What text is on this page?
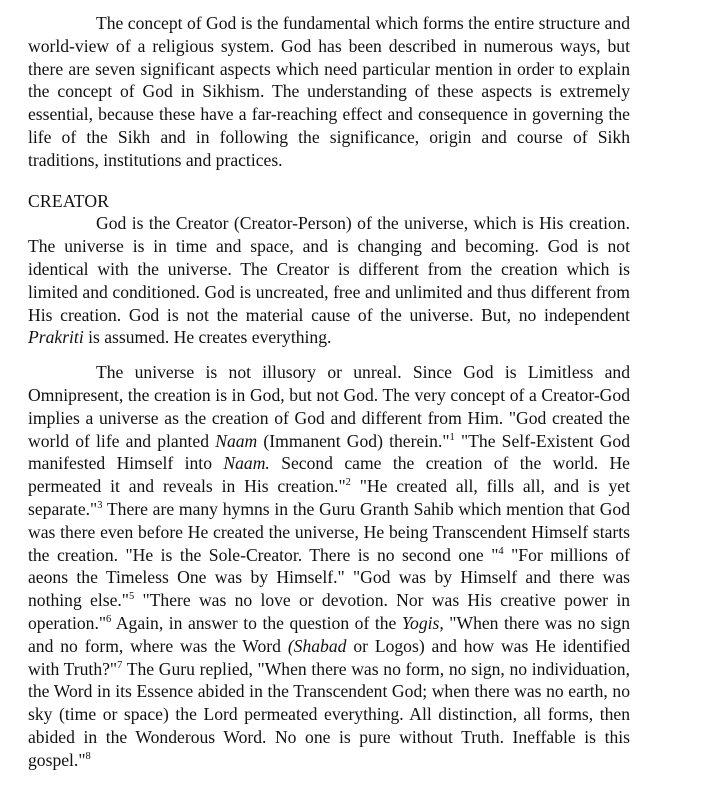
The concept of God is the fundamental which forms the entire structure and world-view of a religious system. God has been described in numerous ways, but there are seven significant aspects which need particular mention in order to explain the concept of God in Sikhism. The understanding of these aspects is extremely essential, because these have a far-reaching effect and consequence in governing the life of the Sikh and in following the significance, origin and course of Sikh traditions, institutions and practices.

CREATOR

God is the Creator (Creator-Person) of the universe, which is His creation. The universe is in time and space, and is changing and becoming. God is not identical with the universe. The Creator is different from the creation which is limited and conditioned. God is uncreated, free and unlimited and thus different from His creation. God is not the material cause of the universe. But, no independent Prakriti is assumed. He creates everything.

The universe is not illusory or unreal. Since God is Limitless and Omnipresent, the creation is in God, but not God. The very concept of a Creator-God implies a universe as the creation of God and different from Him. "God created the world of life and planted Naam (Immanent God) therein."$^1$ "The Self-Existent God manifested Himself into Naam. Second came the creation of the world. He permeated it and reveals in His creation."$^2$ "He created all, fills all, and is yet separate."$^3$ There are many hymns in the Guru Granth Sahib which mention that God was there even before He created the universe, He being Transcendent Himself starts the creation. "He is the Sole-Creator. There is no second one "$^4$ "For millions of aeons the Timeless One was by Himself." "God was by Himself and there was nothing else."$^5$ "There was no love or devotion. Nor was His creative power in operation."$^6$ Again, in answer to the question of the Yogis, "When there was no sign and no form, where was the Word (Shabad or Logos) and how was He identified with Truth?"$^7$ The Guru replied, "When there was no form, no sign, no individuation, the Word in its Essence abided in the Transcendent God; when there was no earth, no sky (time or space) the Lord permeated everything. All distinction, all forms, then abided in the Wonderous Word. No one is pure without Truth. Ineffable is this gospel."$^8$
